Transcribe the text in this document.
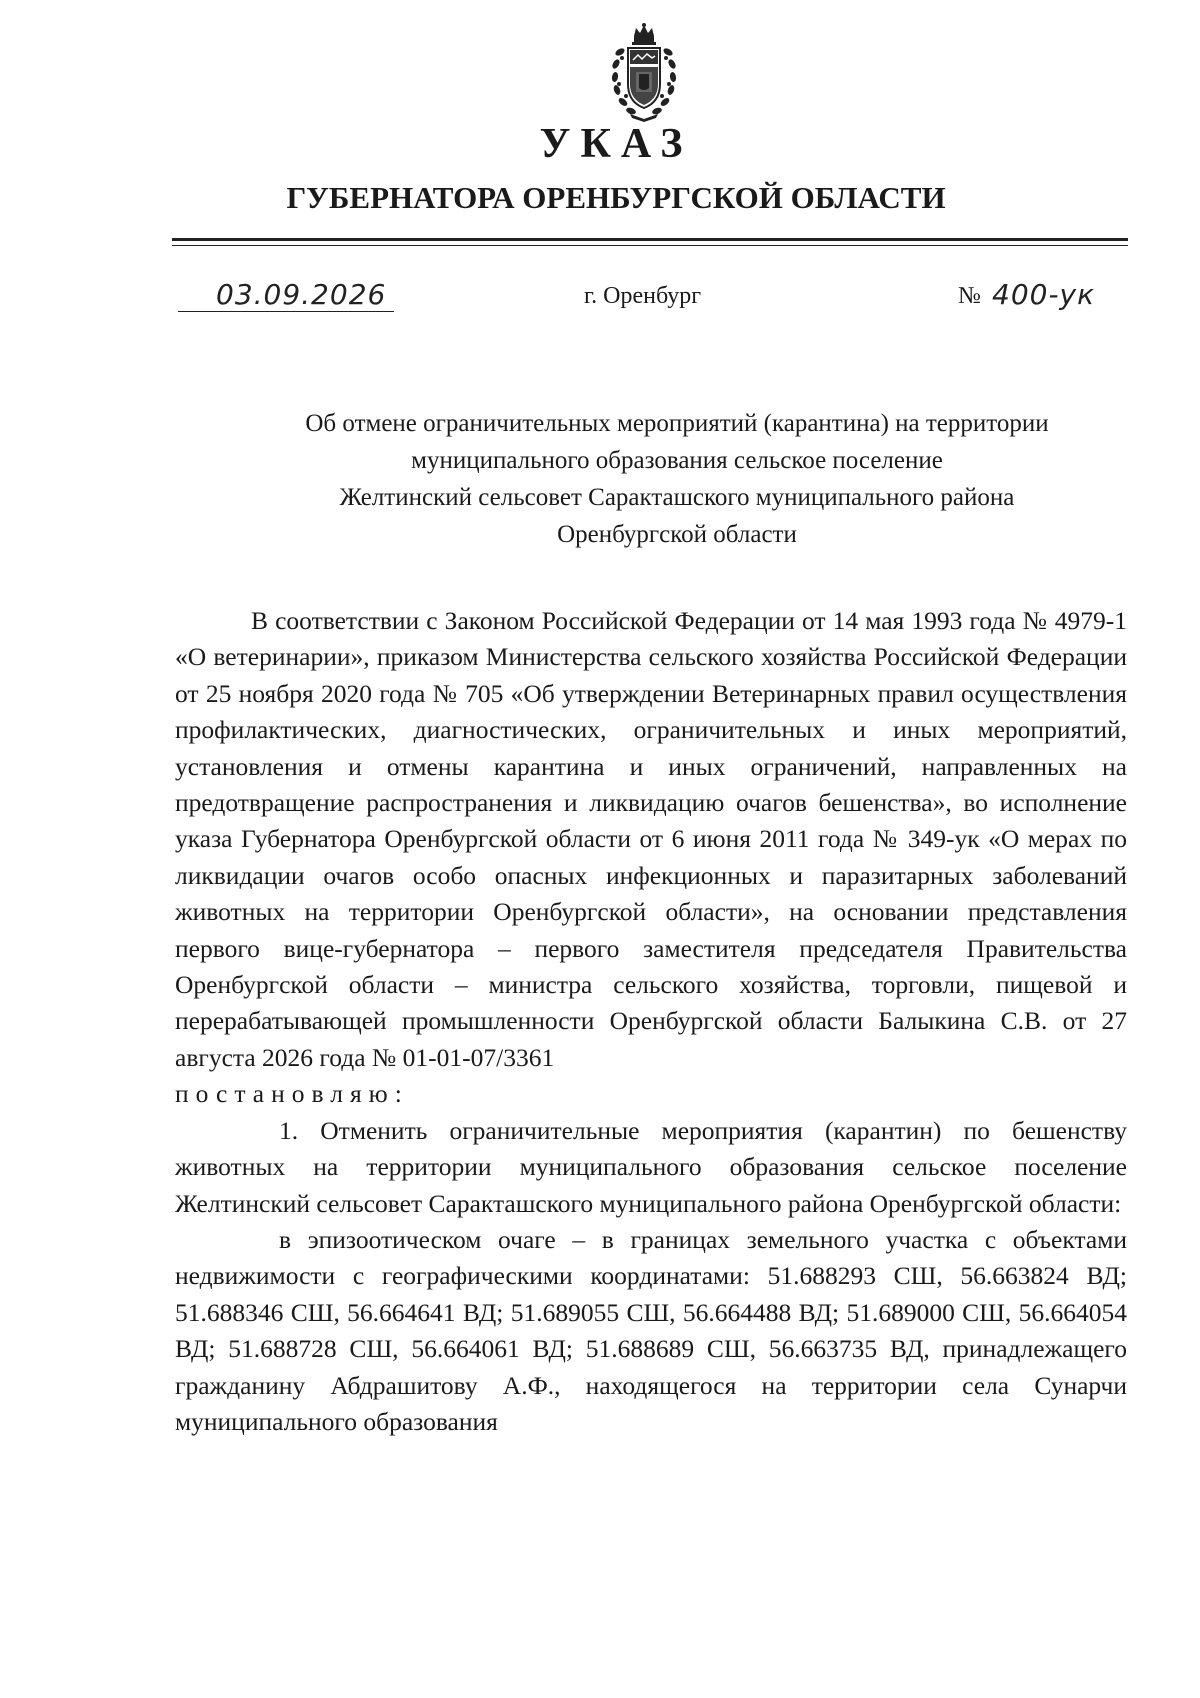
УКАЗ
ГУБЕРНАТОРА ОРЕНБУРГСКОЙ ОБЛАСТИ
03.09.2026	г. Оренбург	№ 400-ук
Об отмене ограничительных мероприятий (карантина) на территории
муниципального образования сельское поселение
Желтинский сельсовет Саракташского муниципального района
Оренбургской области

В соответствии с Законом Российской Федерации от 14 мая 1993 года № 4979-1 «О ветеринарии», приказом Министерства сельского хозяйства Российской Федерации от 25 ноября 2020 года № 705 «Об утверждении Ветеринарных правил осуществления профилактических, диагностических, ограничительных и иных мероприятий, установления и отмены карантина и иных ограничений, направленных на предотвращение распространения и ликвидацию очагов бешенства», во исполнение указа Губернатора Оренбургской области от 6 июня 2011 года № 349-ук «О мерах по ликвидации очагов особо опасных инфекционных и паразитарных заболеваний животных на территории Оренбургской области», на основании представления первого вице-губернатора – первого заместителя председателя Правительства Оренбургской области – министра сельского хозяйства, торговли, пищевой и перерабатывающей промышленности Оренбургской области Балыкина С.В. от 27 августа 2026 года № 01-01-07/3361

постановляю:

1. Отменить ограничительные мероприятия (карантин) по бешенству животных на территории муниципального образования сельское поселение Желтинский сельсовет Саракташского муниципального района Оренбургской области:

в эпизоотическом очаге – в границах земельного участка с объектами недвижимости с географическими координатами: 51.688293 СШ, 56.663824 ВД; 51.688346 СШ, 56.664641 ВД; 51.689055 СШ, 56.664488 ВД; 51.689000 СШ, 56.664054 ВД; 51.688728 СШ, 56.664061 ВД; 51.688689 СШ, 56.663735 ВД, принадлежащего гражданину Абдрашитову А.Ф., находящегося на территории села Сунарчи муниципального образования
